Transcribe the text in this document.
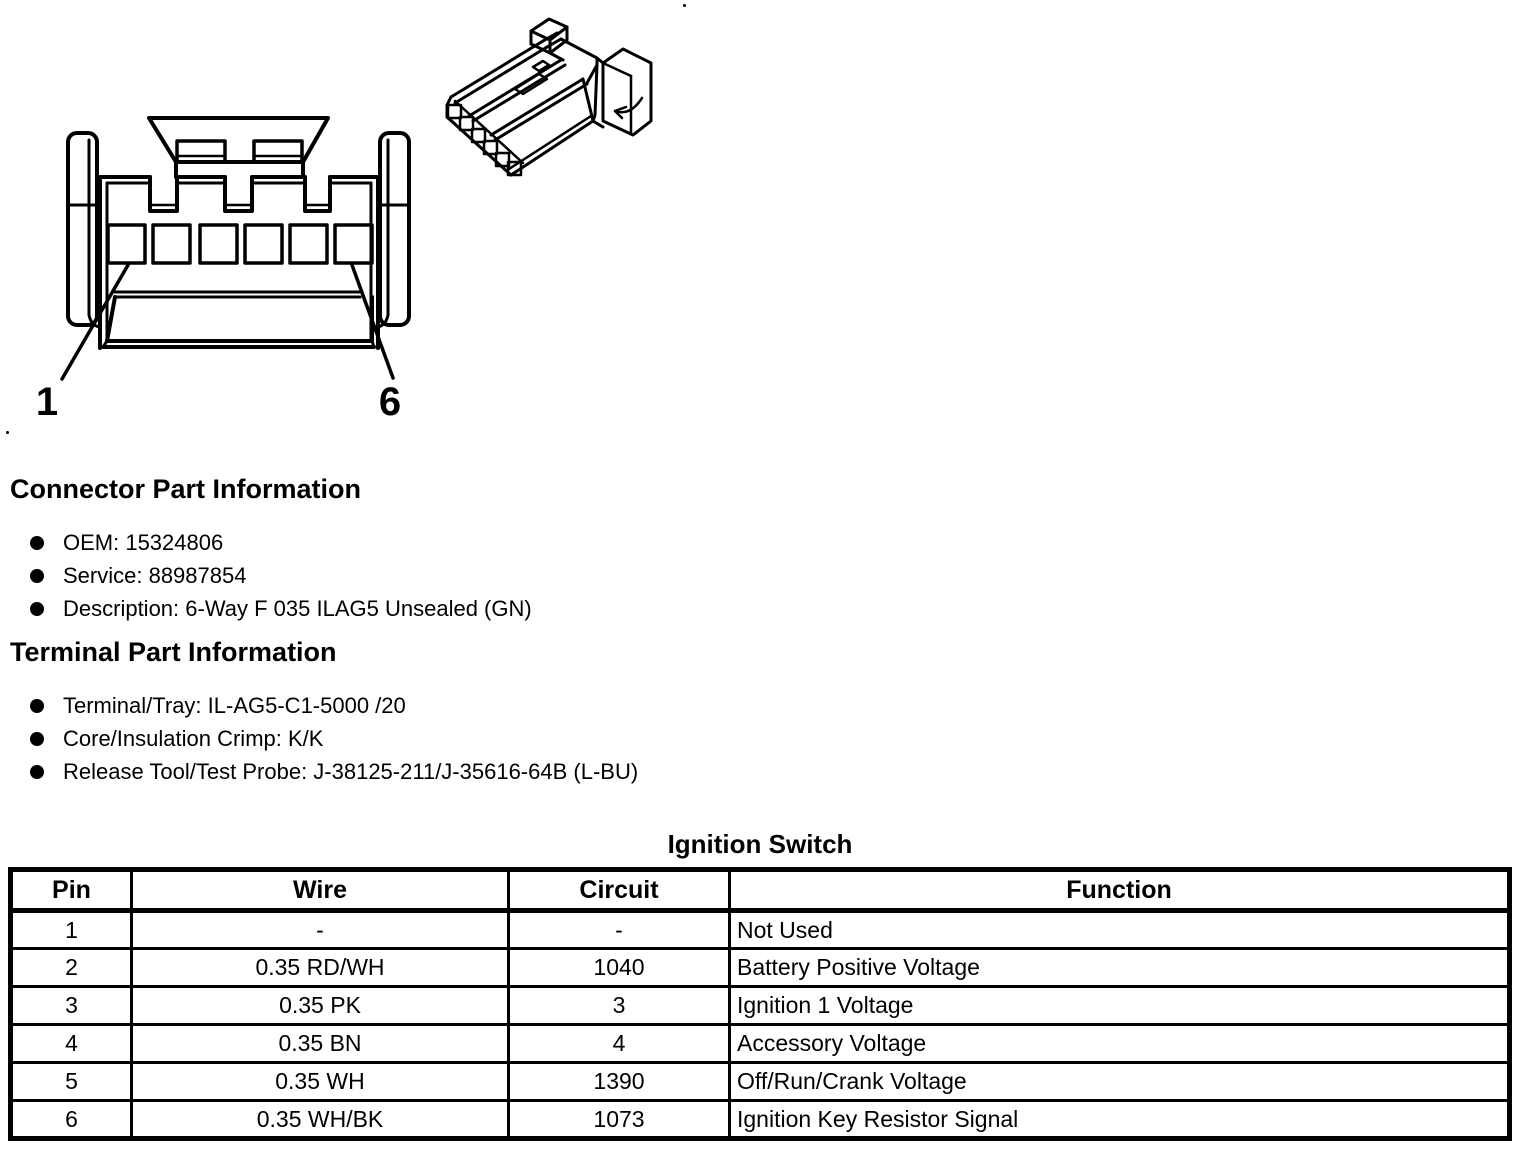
1	6
Connector Part Information
OEM: 15324806
Service: 88987854
Description: 6-Way F 035 ILAG5 Unsealed (GN)
Terminal Part Information
Terminal/Tray: IL-AG5-C1-5000 /20
Core/Insulation Crimp: K/K
Release Tool/Test Probe: J-38125-211/J-35616-64B (L-BU)
Ignition Switch
Pin	Wire	Circuit	Function
1	-	-	Not Used
2	0.35 RD/WH	1040	Battery Positive Voltage
3	0.35 PK	3	Ignition 1 Voltage
4	0.35 BN	4	Accessory Voltage
5	0.35 WH	1390	Off/Run/Crank Voltage
6	0.35 WH/BK	1073	Ignition Key Resistor Signal
